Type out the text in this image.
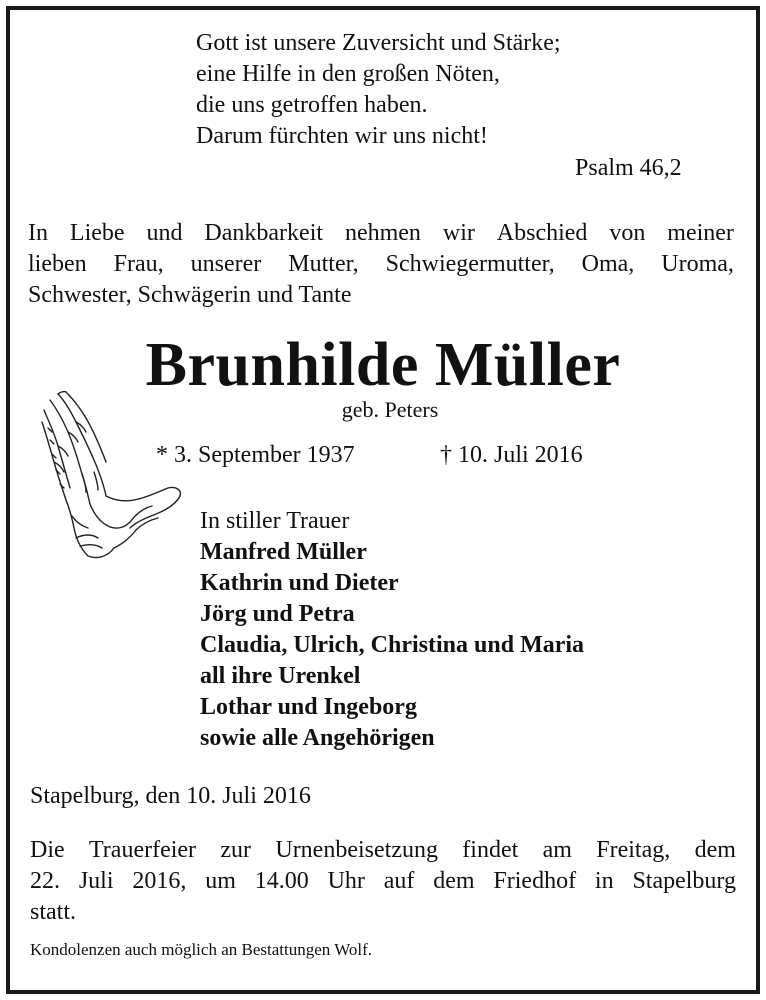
Gott ist unsere Zuversicht und Stärke;
eine Hilfe in den großen Nöten,
die uns getroffen haben.
Darum fürchten wir uns nicht!
Psalm 46,2
In Liebe und Dankbarkeit nehmen wir Abschied von meiner
lieben Frau, unserer Mutter, Schwiegermutter, Oma, Uroma,
Schwester, Schwägerin und Tante
Brunhilde Müller
geb. Peters
* 3. September 1937	† 10. Juli 2016
In stiller Trauer
Manfred Müller
Kathrin und Dieter
Jörg und Petra
Claudia, Ulrich, Christina und Maria
all ihre Urenkel
Lothar und Ingeborg
sowie alle Angehörigen
Stapelburg, den 10. Juli 2016
Die Trauerfeier zur Urnenbeisetzung findet am Freitag, dem
22. Juli 2016, um 14.00 Uhr auf dem Friedhof in Stapelburg
statt.
Kondolenzen auch möglich an Bestattungen Wolf.
